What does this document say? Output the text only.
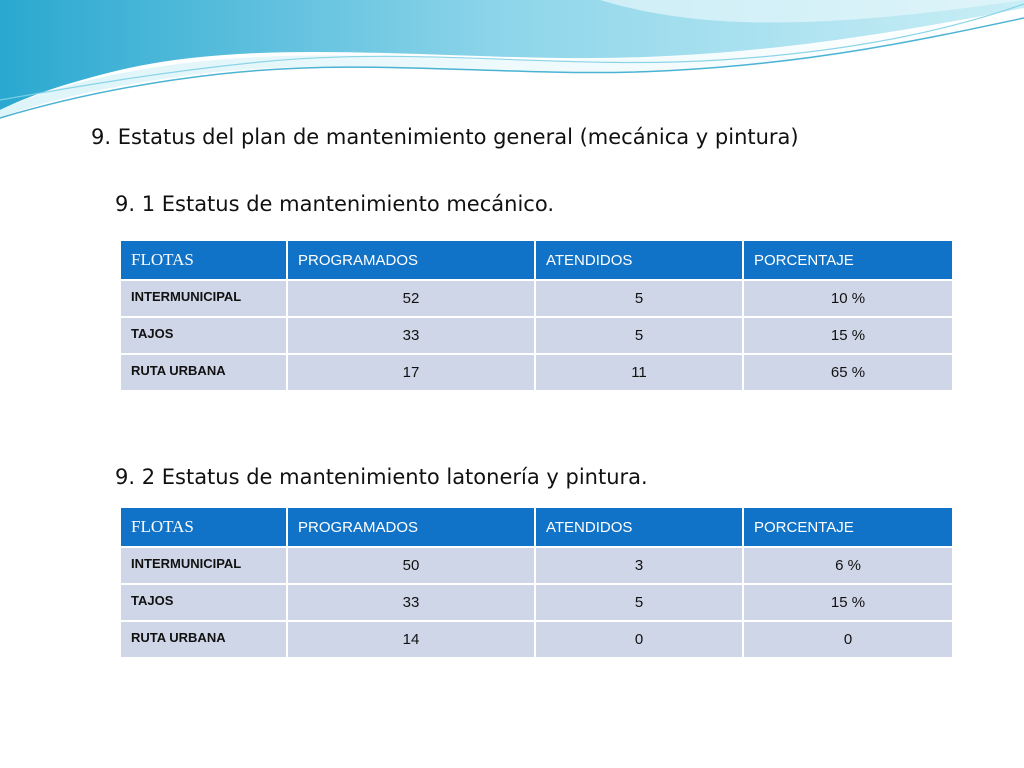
9. Estatus del plan de mantenimiento general (mecánica y pintura)
9. 1 Estatus de mantenimiento mecánico.
FLOTAS	PROGRAMADOS	ATENDIDOS	PORCENTAJE
INTERMUNICIPAL	52	5	10 %
TAJOS	33	5	15 %
RUTA URBANA	17	11	65 %
9. 2 Estatus de mantenimiento latonería y pintura.
FLOTAS	PROGRAMADOS	ATENDIDOS	PORCENTAJE
INTERMUNICIPAL	50	3	6 %
TAJOS	33	5	15 %
RUTA URBANA	14	0	0
